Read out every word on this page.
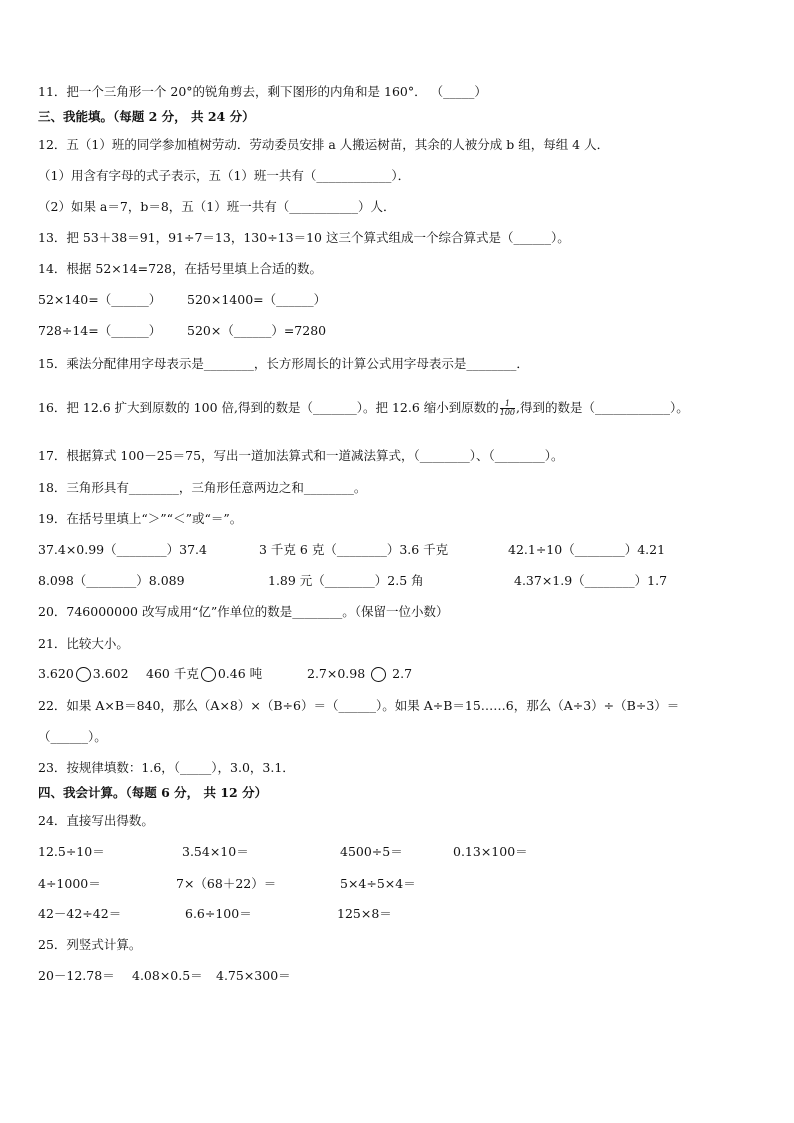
11．把一个三角形一个 20°的锐角剪去，剩下图形的内角和是 160°． （_____）
三、我能填。（每题 2 分， 共 24 分）
12．五（1）班的同学参加植树劳动．劳动委员安排 a 人搬运树苗，其余的人被分成 b 组，每组 4 人．
（1）用含有字母的式子表示，五（1）班一共有（____________）．
（2）如果 a＝7，b＝8，五（1）班一共有（___________）人．
13．把 53＋38＝91，91÷7＝13，130÷13＝10 这三个算式组成一个综合算式是（______）。
14．根据 52×14=728，在括号里填上合适的数。
52×140=（______） 520×1400=（______）
728÷14=（______） 520×（______）=7280
15．乘法分配律用字母表示是________，长方形周长的计算公式用字母表示是________．
16．把 12.6 扩大到原数的 100 倍,得到的数是（_______）。把 12.6 缩小到原数的 $\frac{1}{100}$ ,得到的数是（____________）。
17．根据算式 100－25＝75，写出一道加法算式和一道减法算式，（________）、（________）。
18．三角形具有________，三角形任意两边之和________。
19．在括号里填上“＞”“＜”或“＝”。
37.4×0.99（________）37.4	3 千克 6 克（________）3.6 千克	42.1÷10（________）4.21
8.098（________）8.089	1.89 元（________）2.5 角	4.37×1.9（________）1.7
20．746000000 改写成用“亿”作单位的数是________。（保留一位小数）
21．比较大小。
3.620 3.602 460 千克 0.46 吨	2.7×0.98 2.7
22．如果 A×B＝840，那么（A×8）×（B÷6）＝（______）。如果 A÷B＝15……6，那么（A÷3）÷（B÷3）＝
（______）。
23．按规律填数：1.6，（_____），3.0，3.1．
四、我会计算。（每题 6 分， 共 12 分）
24．直接写出得数。
12.5÷10＝	3.54×10＝	4500÷5＝	0.13×100＝
4÷1000＝	7×（68＋22）＝	5×4÷5×4＝
42－42÷42＝	6.6÷100＝	125×8＝
25．列竖式计算。
20－12.78＝ 4.08×0.5＝ 4.75×300＝
